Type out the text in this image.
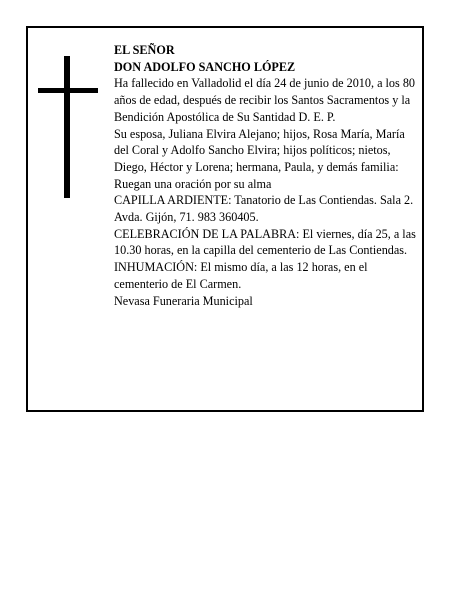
EL SEÑOR

DON ADOLFO SANCHO LÓPEZ

Ha fallecido en Valladolid el día 24 de junio de 2010, a los 80 años de edad, después de recibir los Santos Sacramentos y la Bendición Apostólica de Su Santidad D. E. P.

Su esposa, Juliana Elvira Alejano; hijos, Rosa María, María del Coral y Adolfo Sancho Elvira; hijos políticos; nietos, Diego, Héctor y Lorena; hermana, Paula, y demás familia:

Ruegan una oración por su alma

CAPILLA ARDIENTE: Tanatorio de Las Contiendas. Sala 2. Avda. Gijón, 71. 983 360405.

CELEBRACIÓN DE LA PALABRA: El viernes, día 25, a las 10.30 horas, en la capilla del cementerio de Las Contiendas.

INHUMACIÓN: El mismo día, a las 12 horas, en el cementerio de El Carmen.

Nevasa Funeraria Municipal
